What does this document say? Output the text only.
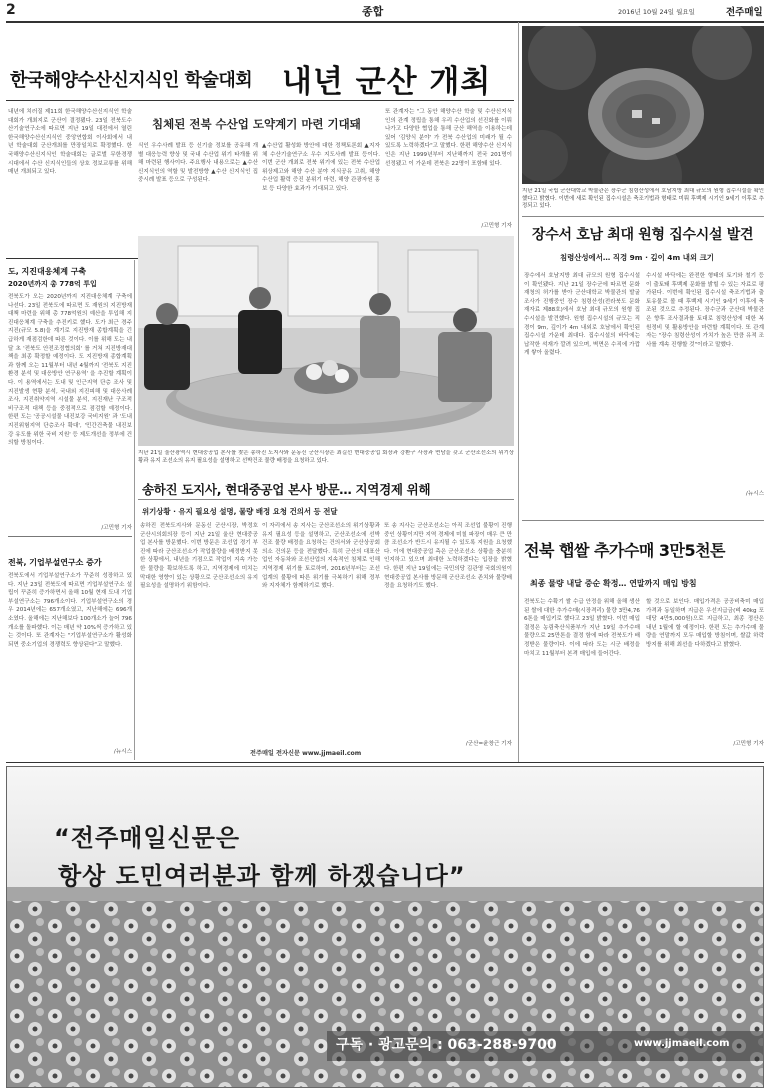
2	종합	2016년 10월 24일 월요일	전주매일
한국해양수산신지식인 학술대회 내년 군산 개최
내년에 치러질 제11회 한국해양수산신지식인 학술대회가 개최지로 군산이 결정됐다. 23일 전북도수산기술연구소에 따르면 지난 19일 대전에서 열린 한국해양수산신지식인 중앙연합회 이사회에서 내년 학술대회 군산개최를 만장일치로 확정했다. 한국해양수산신지식인 학술대회는 글로벌 무한경쟁시대에서 수산 신지식인들의 상호 정보교류를 위해 매년 개최되고 있다.
침체된 전북 수산업 도약계기 마련 기대돼
식인 우수사례 발표 등 신기술 정보를 공유해 개별 대응능력 향상 및 국내 수산업 위기 타개를 위해 마련된 행사이다. 주요행사 내용으로는 ▲수산 신지식인의 역할 및 발전방향 ▲수산 신지식인 집중시례 발표 등으로 구성된다.
▲수산업 활성화 방안에 대한 정책토론회 ▲지자체 수산기술연구소 우수 지도사례 발표 등이다. 이번 군산 개최로 전북 위기에 있는 전북 수산업 위상제고와 해양 수산 분야 지식공유 고취, 해양 수산업 활력 증진 분위기 마련, 해양 관광자원 홍보 등 다양한 효과가 기대되고 있다.
또 관계자는 "그 동안 해양수산 학술 및 수산신지식인의 관계 정립을 통해 우리 수산업의 선진화를 이뤄나가고 다양한 협업을 통해 군산 해역을 이용하는데 있어 '김양식 분야' 가 전북 수산업의 미래가 될 수 있도록 노력하겠다"고 말했다. 한편 해양수산 신지식인은 지난 1999년부터 지난해까지 전국 201명이 선정됐고 이 가운데 전북은 22명이 포함돼 있다.
/고민형 기자
도, 지진대응체계 구축
2020년까지 총 778억 투입
전북도가 오는 2020년까지 지진대응체계 구축에 나선다. 23일 전북도에 따르면 도 재원의 지진방재대책 마련을 위해 총 778억원의 예산을 투입해 지진대응체계 구축을 추진키로 했다. 도가 최근 경주지진(규모 5.8)을 계기로 지진방재 종합계획을 긴급하게 재점검한데 따른 것이다. 이를 위해 도는 내달 초 '전북도 안전조정협의회' 를 거쳐 지진방재대책을 최종 확정할 예정이다. 도 지진방재 종합계획과 함께 오는 11월부터 내년 4월까지 '전북도 지진환경 분석 및 대응방안 연구용역' 을 추진할 계획이다. 이 용역에서는 도내 및 인근지역 단층 조사 및 지진발생 현황 분석, 국내외 지진피해 및 대응사례 조사, 지진취약지역 시설물 분석, 지진재난 구조적 비구조적 대책 등을 중점적으로 점검할 예정이다. 한편 도는 '공공시설물 내진보강 국비지원' 과 '도내 지진위험지역 단층조사 확대', '민간건축물 내진보강 유도를 위한 국비 지원' 등 제도개선을 정부에 건의할 방침이다.
/고민형 기자
전북, 기업부설연구소 증가
전북도에서 기업부설연구소가 꾸준히 성장하고 있다. 지난 23일 전북도에 따르면 기업부설연구소 설립이 꾸준히 증가하면서 올해 10월 현재 도내 기업부설연구소는 796개소이다. 기업부설연구소의 경우 2014년에는 657개소였고, 지난해에는 696개소였다. 올해에는 지난해보다 100개소가 늘어 796개소를 돌파했다. 이는 매년 약 10%씩 증가하고 있는 것이다. 또 관계자는 "기업부설연구소가 활성화되면 중소기업의 경쟁력도 향상된다"고 말했다.
/뉴시스
지난 21일 울산광역시 현대중공업 본사를 찾은 송하진 도지사와 문동신 군산시장은 최길선 현대중공업 회장과 강환구 사장과 면담을 갖고 군산조선소의 위기상황과 유지 조선소의 유지 필요성을 설명하고 선박건조 물량 배정을 요청하고 있다.
송하진 도지사, 현대중공업 본사 방문… 지역경제 위해
위기상황 · 유지 필요성 설명, 물량 배정 요청 건의서 등 전달
송하진 전북도지사와 문동신 군산시장, 박정호 군산시의회의장 등이 지난 21일 울산 현대중공업 본사를 방문했다. 이번 방문은 조선업 경기 부진에 따라 군산조선소가 작업물량을 배정받지 못한 상황에서, 내년을 기점으로 작업이 지속 가능한 물량을 확보하도록 하고, 지역경제에 미치는 막대한 영향이 있는 상황으로 군산조선소의 유지필요성을 설명하기 위함이다.
이 자리에서 송 지사는 군산조선소의 위기상황과 유지 필요성 등을 설명하고, 군산조선소에 선박 건조 물량 배정을 요청하는 건의서와 군산상공회의소 건의문 등을 전달했다. 특히 군산의 대표산업인 자동차와 조선산업의 지속적인 침체로 인해 지역경제 위기를 토로하며, 2016년부터는 조선업계의 불황에 따른 위기를 극복하기 위해 정부와 지자체가 함께하기로 했다.
또 송 지사는 군산조선소는 아직 조선업 불황이 진행 중인 상황이지만 지역 경제에 미칠 파장이 매우 큰 만큼 조선소가 반드시 유지될 수 있도록 지원을 요청했다. 이에 현대중공업 측은 군산조선소 상황을 충분히 인지하고 있으며 최대한 노력하겠다는 입장을 밝혔다. 한편 지난 19일에는 국민의당 김관영 국회의원이 현대중공업 본사를 방문해 군산조선소 존치와 물량배정을 요청하기도 했다.
/군산=윤창근 기자
전주매일 전자신문 www.jjmaeil.com
지난 21일 국립 군산대학교 박물관은 장수군 침령산성에서 호남지방 최대 규모의 원형 집수시설을 확인했다고 밝혔다. 이번에 새로 확인된 집수시설은 축조기법과 형태로 미뤄 후백제 시기인 9세기 이후로 추정되고 있다.
장수서 호남 최대 원형 집수시설 발견
침령산성에서… 직경 9m · 깊이 4m 내외 크기
장수에서 호남지방 최대 규모의 원형 집수시설이 확인됐다. 지난 21일 장수군에 따르면 문화재청의 허가를 받아 군산대학교 박물관의 발굴조사가 진행중인 장수 침령산성(전라북도 문화재자료 제88호)에서 호남 최대 규모의 원형 집수시설을 발견했다. 원형 집수시설의 규모는 직경이 9m, 깊이가 4m 내외로 호남에서 확인된 집수시설 가운데 최대다. 집수시설의 바닥에는 납작한 석재가 깔려 있으며, 벽면은 수직에 가깝게 쌓아 올렸다.
수시설 바닥에는 완전한 형태의 토기와 철기 등이 출토돼 후백제 문화를 밝힐 수 있는 자료로 평가된다. 이번에 확인된 집수시설 축조기법과 출토유물로 볼 때 후백제 시기인 9세기 이후에 축조된 것으로 추정된다. 장수군과 군산대 박물관은 향후 조사결과를 토대로 침령산성에 대한 복원정비 및 활용방안을 마련할 계획이다. 또 관계자는 "장수 침령산성이 가치가 높은 만큼 유적 조사를 계속 진행할 것"이라고 말했다.
/뉴시스
전북 햅쌀 추가수매 3만5천톤
최종 물량 내달 중순 확정… 연말까지 매입 방침
전북도는 수확기 쌀 수급 안정을 위해 올해 생산된 쌀에 대한 추가수매(시장격리) 물량 3만4,766톤을 매입키로 했다고 23일 밝혔다. 이번 매입 결정은 농림축산식품부가 지난 19일 추가수매 물량으로 25만톤을 결정 함에 따라 전북도가 배정받은 물량이다. 이에 따라 도는 시군 배정을 마치고 11월부터 본격 매입에 들어간다.
할 것으로 보인다. 매입가격은 공공비축미 매입가격과 동일하며 지급은 우선지급금(벼 40kg 포대당 4만5,000원)으로 지급하고, 최종 정산은 내년 1월에 할 예정이다. 한편 도는 추가수매 물량을 연말까지 모두 매입할 방침이며, 쌀값 하락 방지를 위해 최선을 다하겠다고 밝혔다.
/고민형 기자
“전주매일신문은
항상 도민여러분과 함께 하겠습니다”
구독 · 광고문의 : 063-288-9700	www.jjmaeil.com
